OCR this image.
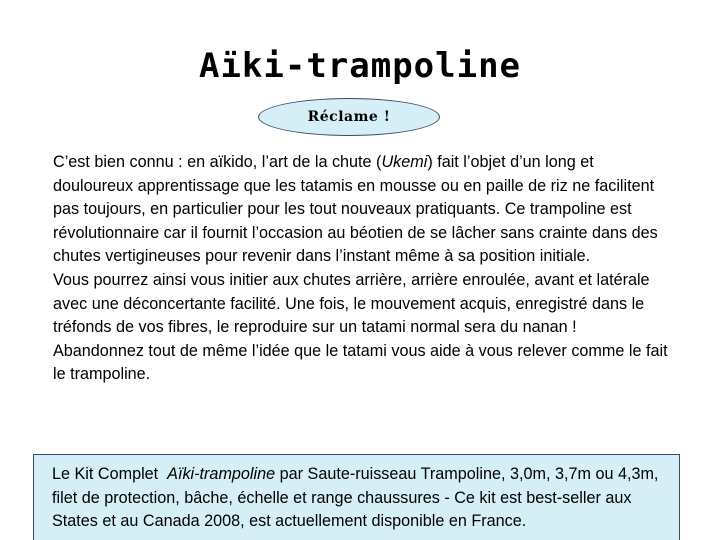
Aïki-trampoline
Réclame !

C’est bien connu : en aïkido, l’art de la chute (Ukemi) fait l’objet d’un long et douloureux apprentissage que les tatamis en mousse ou en paille de riz ne facilitent pas toujours, en particulier pour les tout nouveaux pratiquants. Ce trampoline est révolutionnaire car il fournit l’occasion au béotien de se lâcher sans crainte dans des chutes vertigineuses pour revenir dans l’instant même à sa position initiale.

Vous pourrez ainsi vous initier aux chutes arrière, arrière enroulée, avant et latérale avec une déconcertante facilité. Une fois, le mouvement acquis, enregistré dans le tréfonds de vos fibres, le reproduire sur un tatami normal sera du nanan !

Abandonnez tout de même l’idée que le tatami vous aide à vous relever comme le fait le trampoline.

Le Kit Complet  Aïki-trampoline par Saute-ruisseau Trampoline, 3,0m, 3,7m ou 4,3m, filet de protection, bâche, échelle et range chaussures - Ce kit est best-seller aux States et au Canada 2008, est actuellement disponible en France.
